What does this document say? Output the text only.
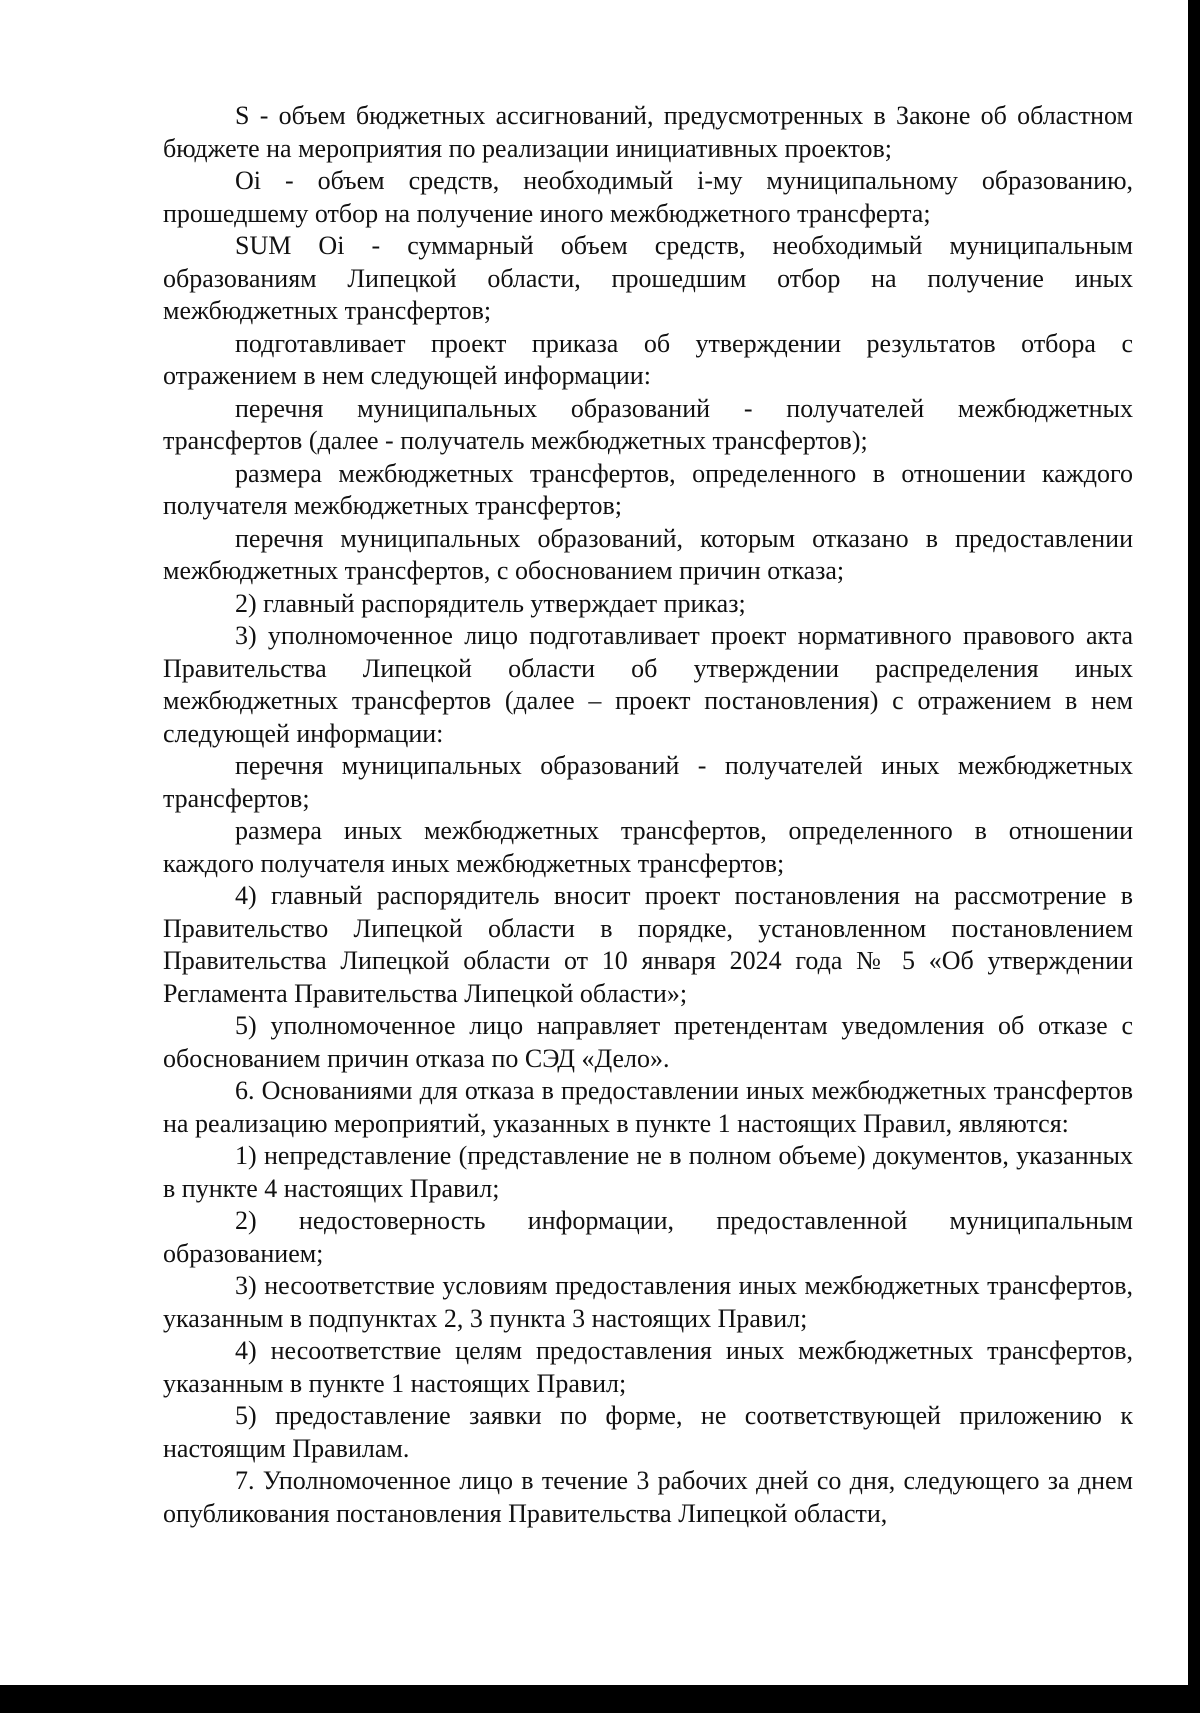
S - объем бюджетных ассигнований, предусмотренных в Законе об областном бюджете на мероприятия по реализации инициативных проектов;

Oi - объем средств, необходимый i-му муниципальному образованию, прошедшему отбор на получение иного межбюджетного трансферта;

SUM Oi - суммарный объем средств, необходимый муниципальным образованиям Липецкой области, прошедшим отбор на получение иных межбюджетных трансфертов;

подготавливает проект приказа об утверждении результатов отбора с отражением в нем следующей информации:

перечня муниципальных образований - получателей межбюджетных трансфертов (далее - получатель межбюджетных трансфертов);

размера межбюджетных трансфертов, определенного в отношении каждого получателя межбюджетных трансфертов;

перечня муниципальных образований, которым отказано в предоставлении межбюджетных трансфертов, с обоснованием причин отказа;

2) главный распорядитель утверждает приказ;

3) уполномоченное лицо подготавливает проект нормативного правового акта Правительства Липецкой области об утверждении распределения иных межбюджетных трансфертов (далее – проект постановления) с отражением в нем следующей информации:

перечня муниципальных образований - получателей иных межбюджетных трансфертов;

размера иных межбюджетных трансфертов, определенного в отношении каждого получателя иных межбюджетных трансфертов;

4) главный распорядитель вносит проект постановления на рассмотрение в Правительство Липецкой области в порядке, установленном постановлением Правительства Липецкой области от 10 января 2024 года № 5 «Об утверждении Регламента Правительства Липецкой области»;

5) уполномоченное лицо направляет претендентам уведомления об отказе с обоснованием причин отказа по СЭД «Дело».

6. Основаниями для отказа в предоставлении иных межбюджетных трансфертов на реализацию мероприятий, указанных в пункте 1 настоящих Правил, являются:

1) непредставление (представление не в полном объеме) документов, указанных в пункте 4 настоящих Правил;

2) недостоверность информации, предоставленной муниципальным образованием;

3) несоответствие условиям предоставления иных межбюджетных трансфертов, указанным в подпунктах 2, 3 пункта 3 настоящих Правил;

4) несоответствие целям предоставления иных межбюджетных трансфертов, указанным в пункте 1 настоящих Правил;

5) предоставление заявки по форме, не соответствующей приложению к настоящим Правилам.

7. Уполномоченное лицо в течение 3 рабочих дней со дня, следующего за днем опубликования постановления Правительства Липецкой области,
